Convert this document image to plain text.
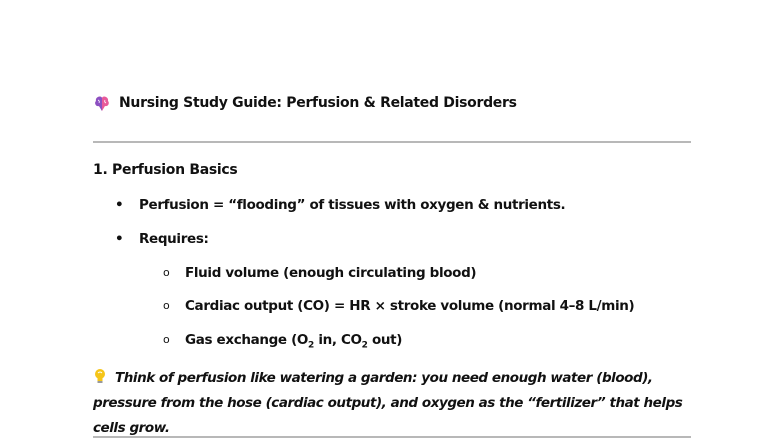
Nursing Study Guide: Perfusion & Related Disorders
1. Perfusion Basics
• Perfusion = “flooding” of tissues with oxygen & nutrients.
• Requires:
o Fluid volume (enough circulating blood)
o Cardiac output (CO) = HR × stroke volume (normal 4–8 L/min)
o Gas exchange ($O_2$ in, $CO_2$ out)
Think of perfusion like watering a garden: you need enough water (blood), pressure from the hose (cardiac output), and oxygen as the “fertilizer” that helps cells grow.
